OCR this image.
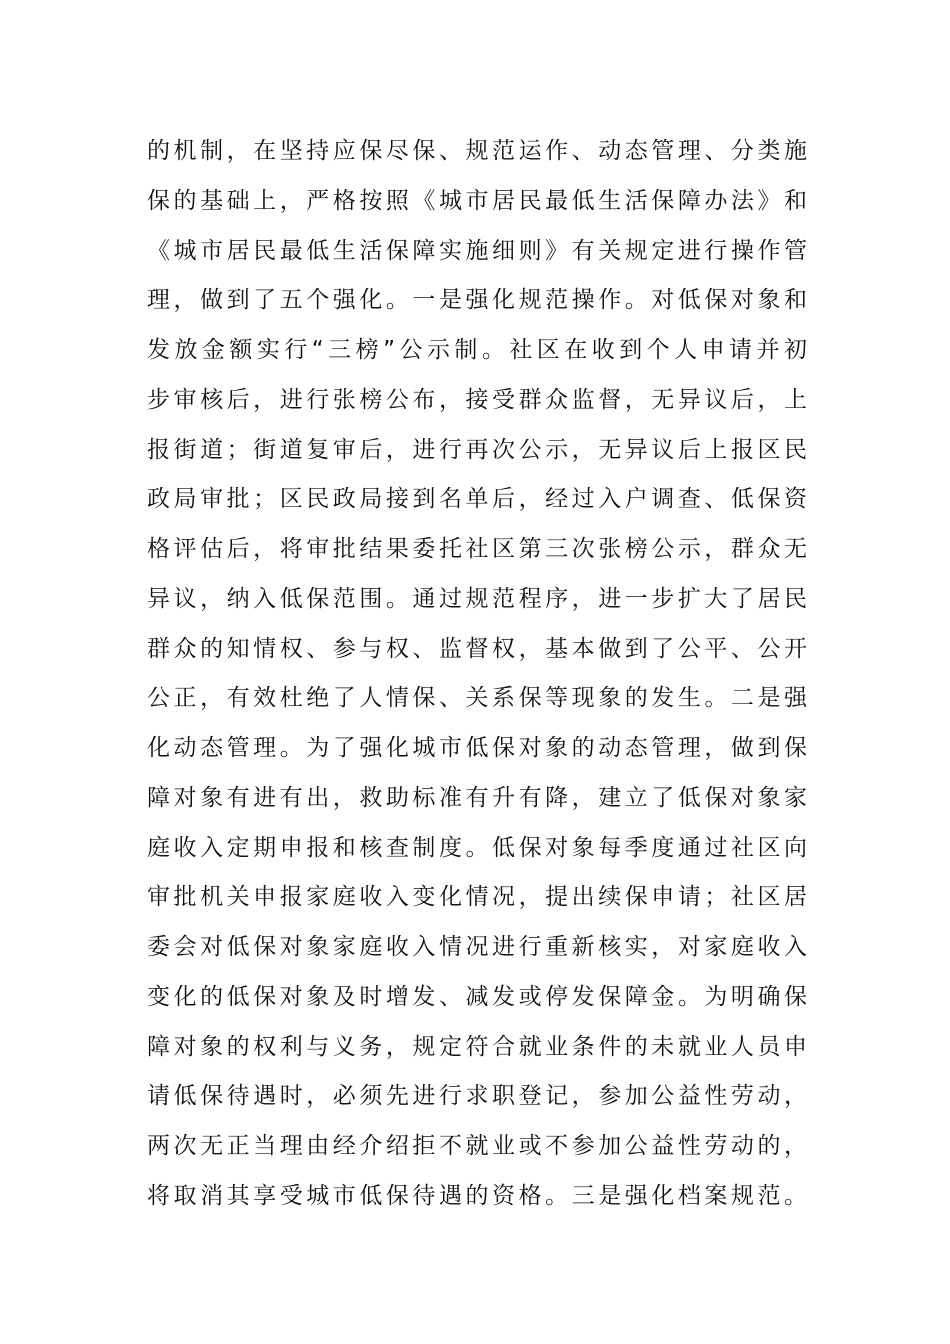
的机制，在坚持应保尽保、规范运作、动态管理、分类施
保的基础上，严格按照《城市居民最低生活保障办法》和
《城市居民最低生活保障实施细则》有关规定进行操作管
理，做到了五个强化。一是强化规范操作。对低保对象和
发放金额实行“三榜”公示制。社区在收到个人申请并初
步审核后，进行张榜公布，接受群众监督，无异议后，上
报街道；街道复审后，进行再次公示，无异议后上报区民
政局审批；区民政局接到名单后，经过入户调查、低保资
格评估后，将审批结果委托社区第三次张榜公示，群众无
异议，纳入低保范围。通过规范程序，进一步扩大了居民
群众的知情权、参与权、监督权，基本做到了公平、公开
公正，有效杜绝了人情保、关系保等现象的发生。二是强
化动态管理。为了强化城市低保对象的动态管理，做到保
障对象有进有出，救助标准有升有降，建立了低保对象家
庭收入定期申报和核查制度。低保对象每季度通过社区向
审批机关申报家庭收入变化情况，提出续保申请；社区居
委会对低保对象家庭收入情况进行重新核实，对家庭收入
变化的低保对象及时增发、减发或停发保障金。为明确保
障对象的权利与义务，规定符合就业条件的未就业人员申
请低保待遇时，必须先进行求职登记，参加公益性劳动，
两次无正当理由经介绍拒不就业或不参加公益性劳动的，
将取消其享受城市低保待遇的资格。三是强化档案规范。
